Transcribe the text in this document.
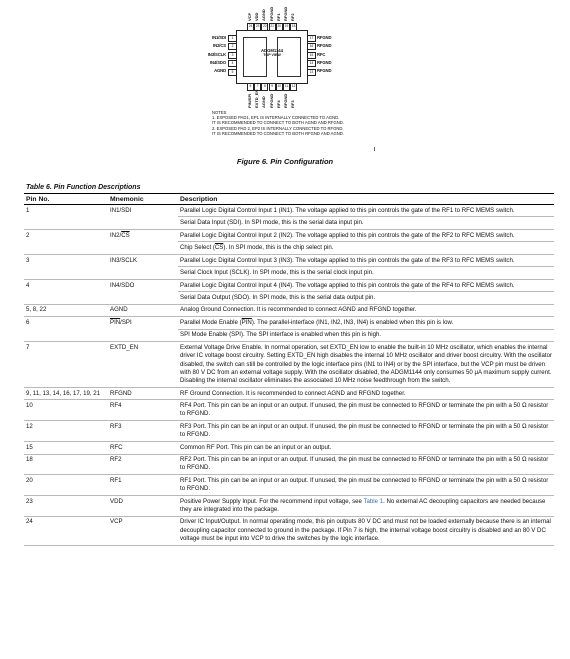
VCP VDD AGND RFGND RF1 RFGND RF2
24 23 22 21 20 19 18
1
2
3
4
5
17
16
15
14
13
6	7	8	9	10 11 12
ADGM1144
TOP VIEW
NOTES
1. EXPOSED PAD1, EP1 IS INTERNALLY CONNECTED TO AGND.
IT IS RECOMMENDED TO CONNECT TO BOTH AGND AND RFGND.
2. EXPOSED PAD 2, EP2 IS INTERNALLY CONNECTED TO RFGND.
IT IS RECOMMENDED TO CONNECT TO BOTH RFGND AND AGND.
IN1/SDI
IN2/CS
IN3/SCLK
IN4/SDO
AGND
RFGND
RFGND
RFC
RFGND
RFGND
PIN/SPI EXTD_EN AGND RFGND RF4 RFGND RF3
Figure 6. Pin Configuration
Table 6. Pin Function Descriptions
Pin No.	Mnemonic	Description
1	IN1/SDI	Parallel Logic Digital Control Input 1 (IN1). The voltage applied to this pin controls the gate of the RF1 to RFC MEMS switch.
		Serial Data Input (SDI). In SPI mode, this is the serial data input pin.
2	$IN2/\overline{CS}$	Parallel Logic Digital Control Input 2 (IN2). The voltage applied to this pin controls the gate of the RF2 to RFC MEMS switch.
		Chip Select $(\overline{CS})$. In SPI mode, this is the chip select pin.
3	IN3/SCLK	Parallel Logic Digital Control Input 3 (IN3). The voltage applied to this pin controls the gate of the RF3 to RFC MEMS switch.
		Serial Clock Input (SCLK). In SPI mode, this is the serial clock input pin.
4	IN4/SDO	Parallel Logic Digital Control Input 4 (IN4). The voltage applied to this pin controls the gate of the RF4 to RFC MEMS switch.
		Serial Data Output (SDO). In SPI mode, this is the serial data output pin.
5, 8, 22	AGND	Analog Ground Connection. It is recommended to connect AGND and RFGND together.
6	$\overline{PIN}$/SPI	Parallel Mode Enable $(\overline{PIN})$. The parallel-interface (IN1, IN2, IN3, IN4) is enabled when this pin is low.
		SPI Mode Enable (SPI). The SPI interface is enabled when this pin is high.
7	EXTD_EN	External Voltage Drive Enable. In normal operation, set EXTD_EN low to enable the built-in 10 MHz oscillator, which enables the internal driver IC voltage boost circuitry. Setting EXTD_EN high disables the internal 10 MHz oscillator and driver boost circuitry. With the oscillator disabled, the switch can still be controlled by the logic interface pins (IN1 to IN4) or by the SPI interface, but the VCP pin must be driven with 80 V DC from an external voltage supply. With the oscillator disabled, the ADGM1144 only consumes 50 μA maximum supply current. Disabling the internal oscillator eliminates the associated 10 MHz noise feedthrough from the switch.
9, 11, 13, 14, 16, 17, 19, 21	RFGND	RF Ground Connection. It is recommended to connect AGND and RFGND together.
10	RF4	RF4 Port. This pin can be an input or an output. If unused, the pin must be connected to RFGND or terminate the pin with a 50 Ω resistor to RFGND.
12	RF3	RF3 Port. This pin can be an input or an output. If unused, the pin must be connected to RFGND or terminate the pin with a 50 Ω resistor to RFGND.
15	RFC	Common RF Port. This pin can be an input or an output.
18	RF2	RF2 Port. This pin can be an input or an output. If unused, the pin must be connected to RFGND or terminate the pin with a 50 Ω resistor to RFGND.
20	RF1	RF1 Port. This pin can be an input or an output. If unused, the pin must be connected to RFGND or terminate the pin with a 50 Ω resistor to RFGND.
23	VDD	Positive Power Supply Input. For the recommend input voltage, see Table 1. No external AC decoupling capacitors are needed because they are integrated into the package.
24	VCP	Driver IC Input/Output. In normal operating mode, this pin outputs 80 V DC and must not be loaded externally because there is an internal decoupling capacitor connected to ground in the package. If Pin 7 is high, the internal voltage boost circuitry is disabled and an 80 V DC voltage must be input into VCP to drive the switches by the logic interface.
